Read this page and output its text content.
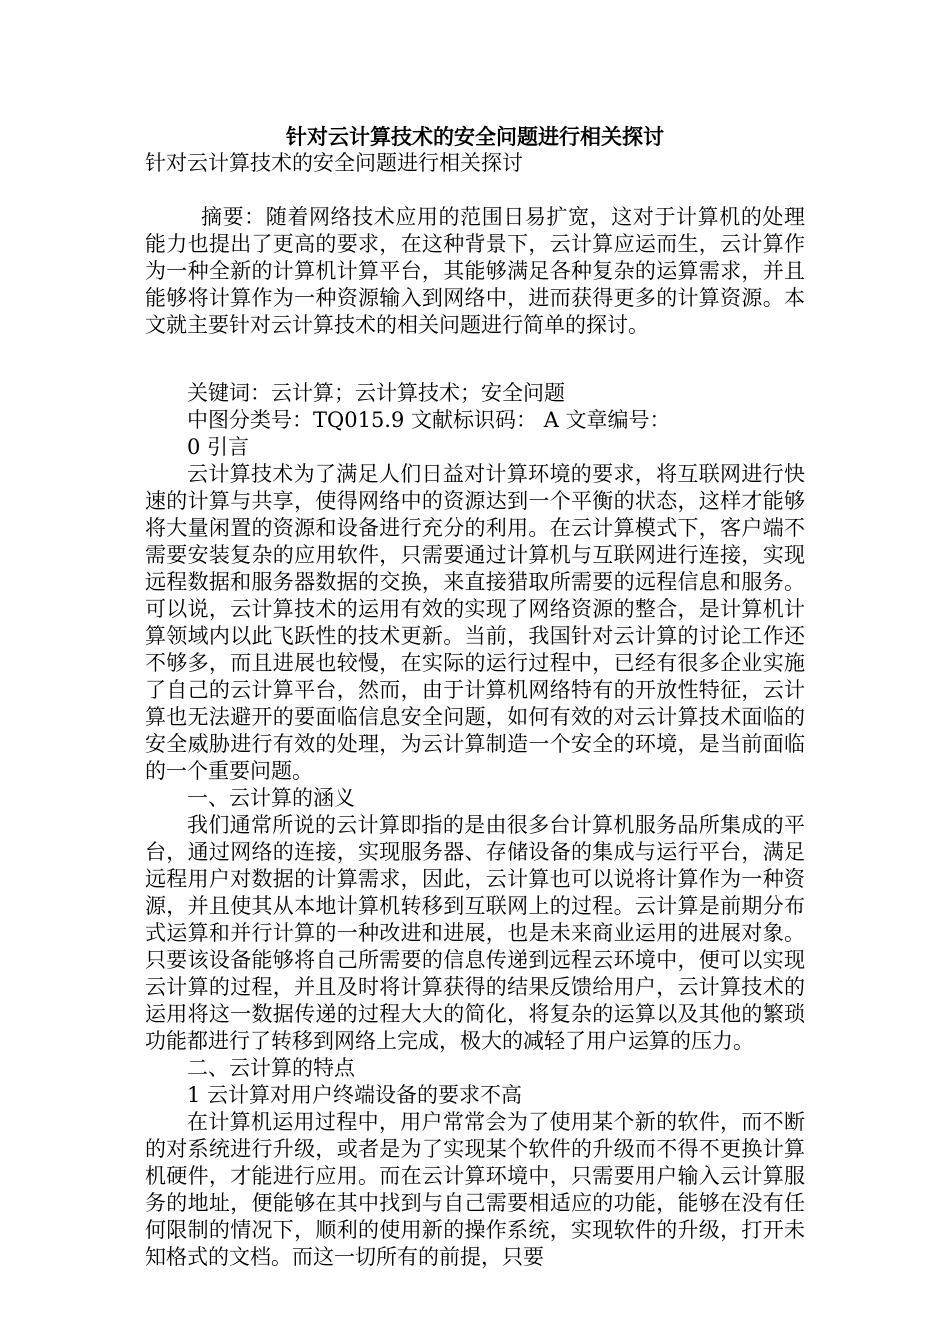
针对云计算技术的安全问题进行相关探讨

针对云计算技术的安全问题进行相关探讨

摘要：随着网络技术应用的范围日易扩宽，这对于计算机的处理能力也提出了更高的要求，在这种背景下，云计算应运而生，云计算作为一种全新的计算机计算平台，其能够满足各种复杂的运算需求，并且能够将计算作为一种资源输入到网络中，进而获得更多的计算资源。本文就主要针对云计算技术的相关问题进行简单的探讨。

关键词：云计算；云计算技术；安全问题

中图分类号：TQ015.9 文献标识码： A 文章编号：

0 引言

云计算技术为了满足人们日益对计算环境的要求，将互联网进行快速的计算与共享，使得网络中的资源达到一个平衡的状态，这样才能够将大量闲置的资源和设备进行充分的利用。在云计算模式下，客户端不需要安装复杂的应用软件，只需要通过计算机与互联网进行连接，实现远程数据和服务器数据的交换，来直接猎取所需要的远程信息和服务。可以说，云计算技术的运用有效的实现了网络资源的整合，是计算机计算领域内以此飞跃性的技术更新。当前，我国针对云计算的讨论工作还不够多，而且进展也较慢，在实际的运行过程中，已经有很多企业实施了自己的云计算平台，然而，由于计算机网络特有的开放性特征，云计算也无法避开的要面临信息安全问题，如何有效的对云计算技术面临的安全威胁进行有效的处理，为云计算制造一个安全的环境，是当前面临的一个重要问题。

一、云计算的涵义

我们通常所说的云计算即指的是由很多台计算机服务品所集成的平台，通过网络的连接，实现服务器、存储设备的集成与运行平台，满足远程用户对数据的计算需求，因此，云计算也可以说将计算作为一种资源，并且使其从本地计算机转移到互联网上的过程。云计算是前期分布式运算和并行计算的一种改进和进展，也是未来商业运用的进展对象。只要该设备能够将自己所需要的信息传递到远程云环境中，便可以实现云计算的过程，并且及时将计算获得的结果反馈给用户，云计算技术的运用将这一数据传递的过程大大的简化，将复杂的运算以及其他的繁琐功能都进行了转移到网络上完成，极大的减轻了用户运算的压力。

二、云计算的特点

1 云计算对用户终端设备的要求不高

在计算机运用过程中，用户常常会为了使用某个新的软件，而不断的对系统进行升级，或者是为了实现某个软件的升级而不得不更换计算机硬件，才能进行应用。而在云计算环境中，只需要用户输入云计算服务的地址，便能够在其中找到与自己需要相适应的功能，能够在没有任何限制的情况下，顺利的使用新的操作系统，实现软件的升级，打开未知格式的文档。而这一切所有的前提，只要
